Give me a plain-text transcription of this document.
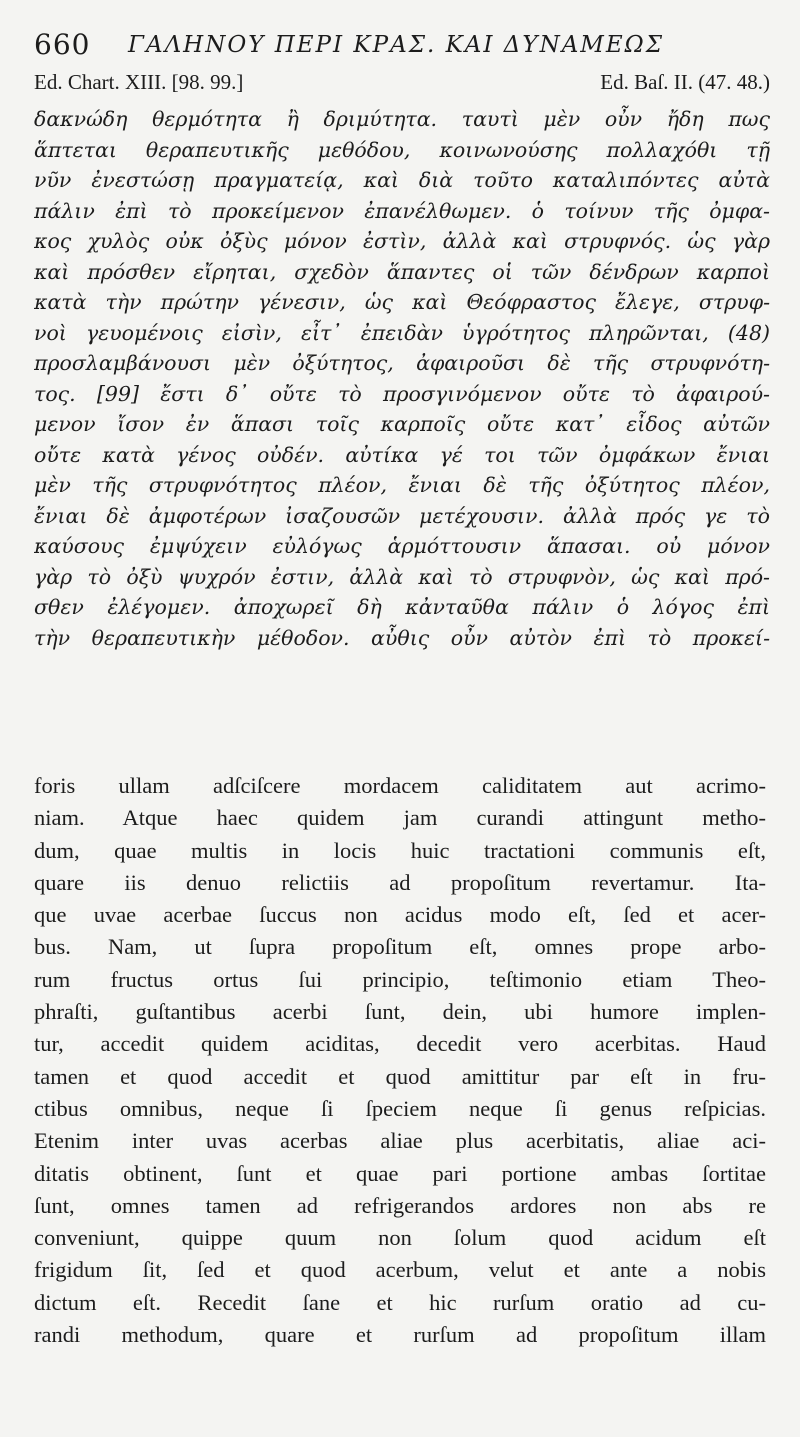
660 ΓΑΛΗΝΟΥ ΠΕΡΙ ΚΡΑΣ. ΚΑΙ ΔΥΝΑΜΕΩΣ
Ed. Chart. XIII. [98. 99.]	Ed. Baſ. II. (47. 48.)
δακνώδη θερμότητα ἢ δριμύτητα. ταυτὶ μὲν οὖν ἤδη πως
ἅπτεται θεραπευτικῆς μεθόδου, κοινωνούσης πολλαχόθι τῇ
νῦν ἐνεστώσῃ πραγματείᾳ, καὶ διὰ τοῦτο καταλιπόντες αὐτὰ
πάλιν ἐπὶ τὸ προκείμενον ἐπανέλθωμεν. ὁ τοίνυν τῆς ὀμφα-
κος χυλὸς οὐκ ὀξὺς μόνον ἐστὶν, ἀλλὰ καὶ στρυφνός. ὡς γὰρ
καὶ πρόσθεν εἴρηται, σχεδὸν ἅπαντες οἱ τῶν δένδρων καρποὶ
κατὰ τὴν πρώτην γένεσιν, ὡς καὶ Θεόφραστος ἔλεγε, στρυφ-
νοὶ γευομένοις εἰσὶν, εἶτ᾽ ἐπειδὰν ὑγρότητος πληρῶνται, (48)
προσλαμβάνουσι μὲν ὀξύτητος, ἀφαιροῦσι δὲ τῆς στρυφνότη-
τος. [99] ἔστι δ᾽ οὔτε τὸ προσγινόμενον οὔτε τὸ ἀφαιρού-
μενον ἴσον ἐν ἅπασι τοῖς καρποῖς οὔτε κατ᾽ εἶδος αὐτῶν
οὔτε κατὰ γένος οὐδέν. αὐτίκα γέ τοι τῶν ὀμφάκων ἔνιαι
μὲν τῆς στρυφνότητος πλέον, ἔνιαι δὲ τῆς ὀξύτητος πλέον,
ἔνιαι δὲ ἀμφοτέρων ἰσαζουσῶν μετέχουσιν. ἀλλὰ πρός γε τὸ
καύσους ἐμψύχειν εὐλόγως ἁρμόττουσιν ἅπασαι. οὐ μόνον
γὰρ τὸ ὀξὺ ψυχρόν ἐστιν, ἀλλὰ καὶ τὸ στρυφνὸν, ὡς καὶ πρό-
σθεν ἐλέγομεν. ἀποχωρεῖ δὴ κἀνταῦθα πάλιν ὁ λόγος ἐπὶ
τὴν θεραπευτικὴν μέθοδον. αὖθις οὖν αὐτὸν ἐπὶ τὸ προκεί-
foris ullam adſciſcere mordacem caliditatem aut acrimo-
niam. Atque haec quidem jam curandi attingunt metho-
dum, quae multis in locis huic tractationi communis eſt,
quare iis denuo relictiis ad propoſitum revertamur. Ita-
que uvae acerbae ſuccus non acidus modo eſt, ſed et acer-
bus. Nam, ut ſupra propoſitum eſt, omnes prope arbo-
rum fructus ortus ſui principio, teſtimonio etiam Theo-
phraſti, guſtantibus acerbi ſunt, dein, ubi humore implen-
tur, accedit quidem aciditas, decedit vero acerbitas. Haud
tamen et quod accedit et quod amittitur par eſt in fru-
ctibus omnibus, neque ſi ſpeciem neque ſi genus reſpicias.
Etenim inter uvas acerbas aliae plus acerbitatis, aliae aci-
ditatis obtinent, ſunt et quae pari portione ambas ſortitae
ſunt, omnes tamen ad refrigerandos ardores non abs re
conveniunt, quippe quum non ſolum quod acidum eſt
frigidum ſit, ſed et quod acerbum, velut et ante a nobis
dictum eſt. Recedit ſane et hic rurſum oratio ad cu-
randi methodum, quare et rurſum ad propoſitum illam
